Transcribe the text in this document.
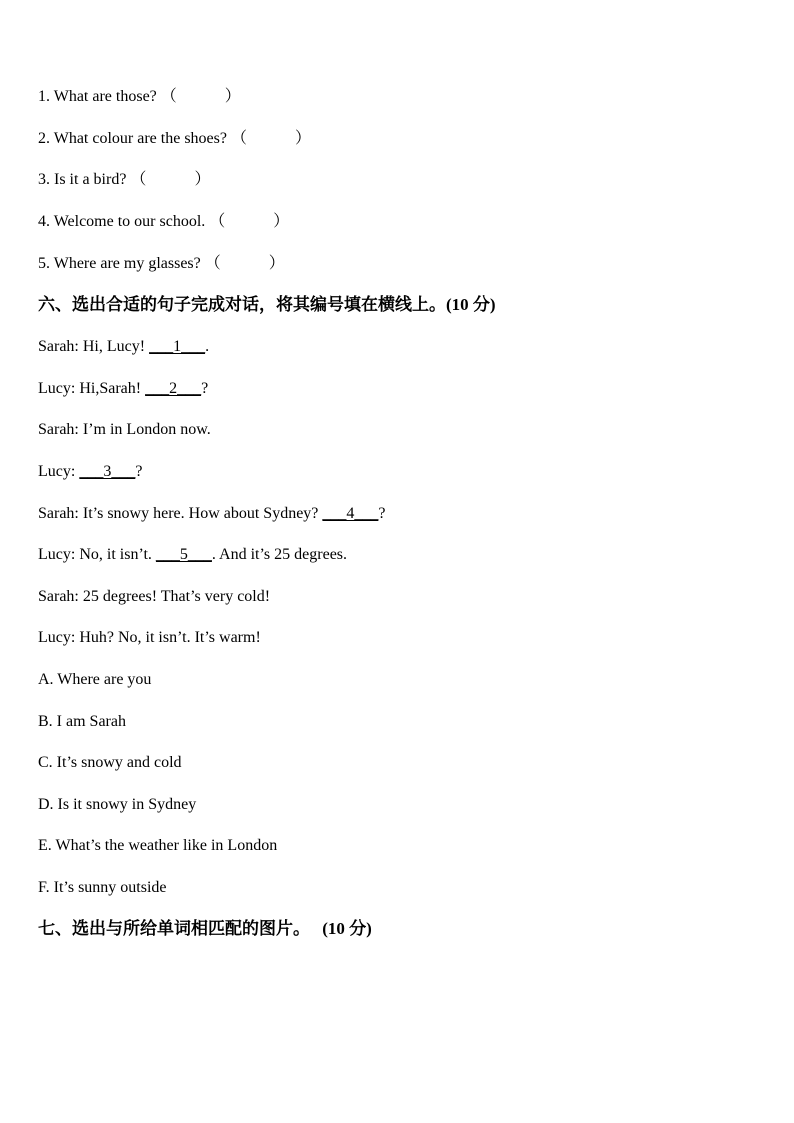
1. What are those? （	）
2. What colour are the shoes? （	）
3. Is it a bird? （	）
4. Welcome to our school. （	）
5. Where are my glasses? （	）
六、选出合适的句子完成对话，将其编号填在横线上。(10 分)
Sarah: Hi, Lucy! ___1___.
Lucy: Hi,Sarah! ___2___?
Sarah: I’m in London now.
Lucy: ___3___?
Sarah: It’s snowy here. How about Sydney? ___4___?
Lucy: No, it isn’t. ___5___. And it’s 25 degrees.
Sarah: 25 degrees! That’s very cold!
Lucy: Huh? No, it isn’t. It’s warm!
A. Where are you
B. I am Sarah
C. It’s snowy and cold
D. Is it snowy in Sydney
E. What’s the weather like in London
F. It’s sunny outside
七、选出与所给单词相匹配的图片。 (10 分)
